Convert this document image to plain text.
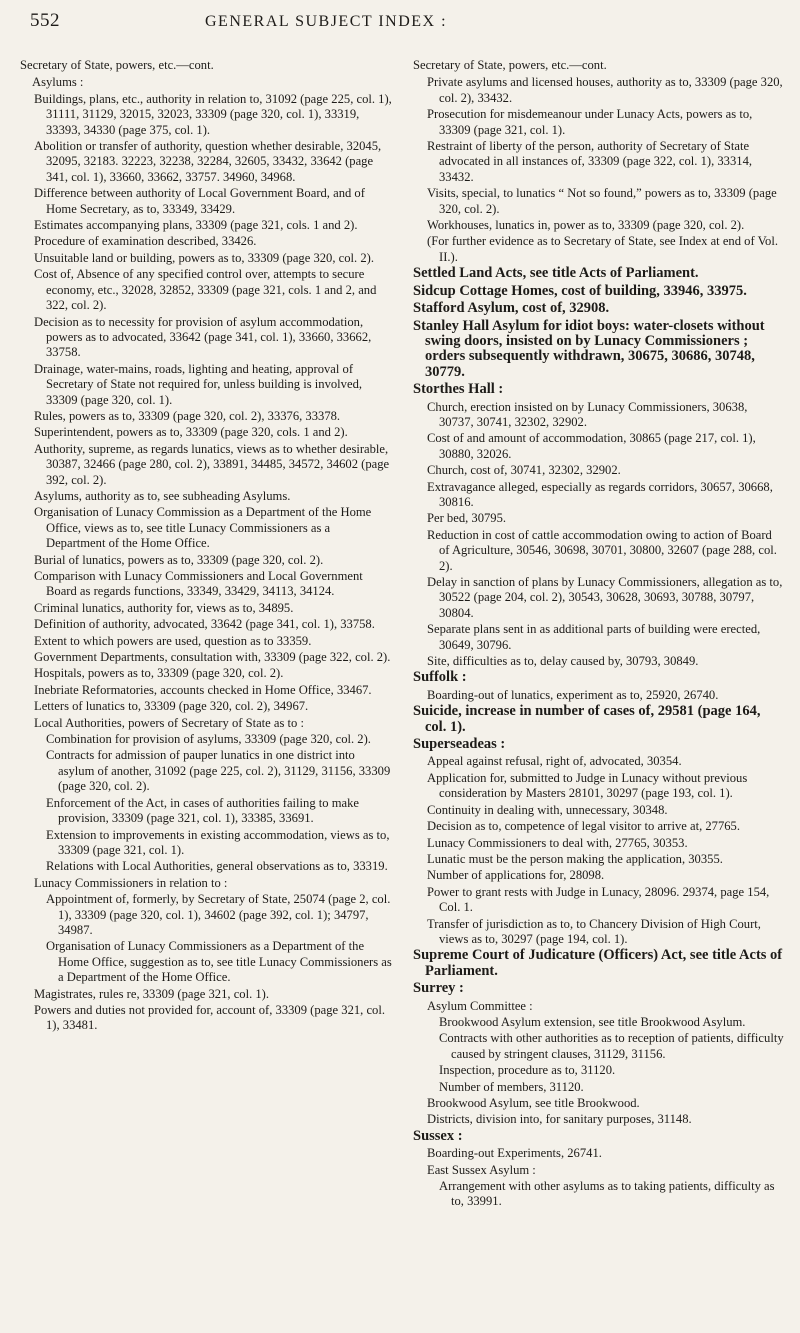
552	GENERAL SUBJECT INDEX :

Secretary of State, powers, etc.—cont.

Asylums :

Buildings, plans, etc., authority in relation to, 31092 (page 225, col. 1), 31111, 31129, 32015, 32023, 33309 (page 320, col. 1), 33319, 33393, 34330 (page 375, col. 1).

Abolition or transfer of authority, question whether desirable, 32045, 32095, 32183. 32223, 32238, 32284, 32605, 33432, 33642 (page 341, col. 1), 33660, 33662, 33757. 34960, 34968.

Difference between authority of Local Government Board, and of Home Secretary, as to, 33349, 33429.

Estimates accompanying plans, 33309 (page 321, cols. 1 and 2).

Procedure of examination described, 33426.

Unsuitable land or building, powers as to, 33309 (page 320, col. 2).

Cost of, Absence of any specified control over, attempts to secure economy, etc., 32028, 32852, 33309 (page 321, cols. 1 and 2, and 322, col. 2).

Decision as to necessity for provision of asylum accommodation, powers as to advocated, 33642 (page 341, col. 1), 33660, 33662, 33758.

Drainage, water-mains, roads, lighting and heating, approval of Secretary of State not required for, unless building is involved, 33309 (page 320, col. 1).

Rules, powers as to, 33309 (page 320, col. 2), 33376, 33378.

Superintendent, powers as to, 33309 (page 320, cols. 1 and 2).

Authority, supreme, as regards lunatics, views as to whether desirable, 30387, 32466 (page 280, col. 2), 33891, 34485, 34572, 34602 (page 392, col. 2).

Asylums, authority as to, see subheading Asylums.

Organisation of Lunacy Commission as a Department of the Home Office, views as to, see title Lunacy Commissioners as a Department of the Home Office.

Burial of lunatics, powers as to, 33309 (page 320, col. 2).

Comparison with Lunacy Commissioners and Local Government Board as regards functions, 33349, 33429, 34113, 34124.

Criminal lunatics, authority for, views as to, 34895.

Definition of authority, advocated, 33642 (page 341, col. 1), 33758.

Extent to which powers are used, question as to 33359.

Government Departments, consultation with, 33309 (page 322, col. 2).

Hospitals, powers as to, 33309 (page 320, col. 2).

Inebriate Reformatories, accounts checked in Home Office, 33467.

Letters of lunatics to, 33309 (page 320, col. 2), 34967.

Local Authorities, powers of Secretary of State as to :

Combination for provision of asylums, 33309 (page 320, col. 2).

Contracts for admission of pauper lunatics in one district into asylum of another, 31092 (page 225, col. 2), 31129, 31156, 33309 (page 320, col. 2).

Enforcement of the Act, in cases of authorities failing to make provision, 33309 (page 321, col. 1), 33385, 33691.

Extension to improvements in existing accommodation, views as to, 33309 (page 321, col. 1).

Relations with Local Authorities, general observations as to, 33319.

Lunacy Commissioners in relation to :

Appointment of, formerly, by Secretary of State, 25074 (page 2, col. 1), 33309 (page 320, col. 1), 34602 (page 392, col. 1); 34797, 34987.

Organisation of Lunacy Commissioners as a Department of the Home Office, suggestion as to, see title Lunacy Commissioners as a Department of the Home Office.

Magistrates, rules re, 33309 (page 321, col. 1).

Powers and duties not provided for, account of, 33309 (page 321, col. 1), 33481.

Secretary of State, powers, etc.—cont.

Private asylums and licensed houses, authority as to, 33309 (page 320, col. 2), 33432.

Prosecution for misdemeanour under Lunacy Acts, powers as to, 33309 (page 321, col. 1).

Restraint of liberty of the person, authority of Secretary of State advocated in all instances of, 33309 (page 322, col. 1), 33314, 33432.

Visits, special, to lunatics “ Not so found,” powers as to, 33309 (page 320, col. 2).

Workhouses, lunatics in, power as to, 33309 (page 320, col. 2).

(For further evidence as to Secretary of State, see Index at end of Vol. II.).

Settled Land Acts, see title Acts of Parliament.

Sidcup Cottage Homes, cost of building, 33946, 33975.

Stafford Asylum, cost of, 32908.

Stanley Hall Asylum for idiot boys: water-closets without swing doors, insisted on by Lunacy Commissioners ; orders subsequently withdrawn, 30675, 30686, 30748, 30779.

Storthes Hall :

Church, erection insisted on by Lunacy Commissioners, 30638, 30737, 30741, 32302, 32902.

Cost of and amount of accommodation, 30865 (page 217, col. 1), 30880, 32026.

Church, cost of, 30741, 32302, 32902.

Extravagance alleged, especially as regards corridors, 30657, 30668, 30816.

Per bed, 30795.

Reduction in cost of cattle accommodation owing to action of Board of Agriculture, 30546, 30698, 30701, 30800, 32607 (page 288, col. 2).

Delay in sanction of plans by Lunacy Commissioners, allegation as to, 30522 (page 204, col. 2), 30543, 30628, 30693, 30788, 30797, 30804.

Separate plans sent in as additional parts of building were erected, 30649, 30796.

Site, difficulties as to, delay caused by, 30793, 30849.

Suffolk :

Boarding-out of lunatics, experiment as to, 25920, 26740.

Suicide, increase in number of cases of, 29581 (page 164, col. 1).

Superseadeas :

Appeal against refusal, right of, advocated, 30354.

Application for, submitted to Judge in Lunacy without previous consideration by Masters 28101, 30297 (page 193, col. 1).

Continuity in dealing with, unnecessary, 30348.

Decision as to, competence of legal visitor to arrive at, 27765.

Lunacy Commissioners to deal with, 27765, 30353.

Lunatic must be the person making the application, 30355.

Number of applications for, 28098.

Power to grant rests with Judge in Lunacy, 28096. 29374, page 154, Col. 1.

Transfer of jurisdiction as to, to Chancery Division of High Court, views as to, 30297 (page 194, col. 1).

Supreme Court of Judicature (Officers) Act, see title Acts of Parliament.

Surrey :

Asylum Committee :

Brookwood Asylum extension, see title Brookwood Asylum.

Contracts with other authorities as to reception of patients, difficulty caused by stringent clauses, 31129, 31156.

Inspection, procedure as to, 31120.

Number of members, 31120.

Brookwood Asylum, see title Brookwood.

Districts, division into, for sanitary purposes, 31148.

Sussex :

Boarding-out Experiments, 26741.

East Sussex Asylum :

Arrangement with other asylums as to taking patients, difficulty as to, 33991.
